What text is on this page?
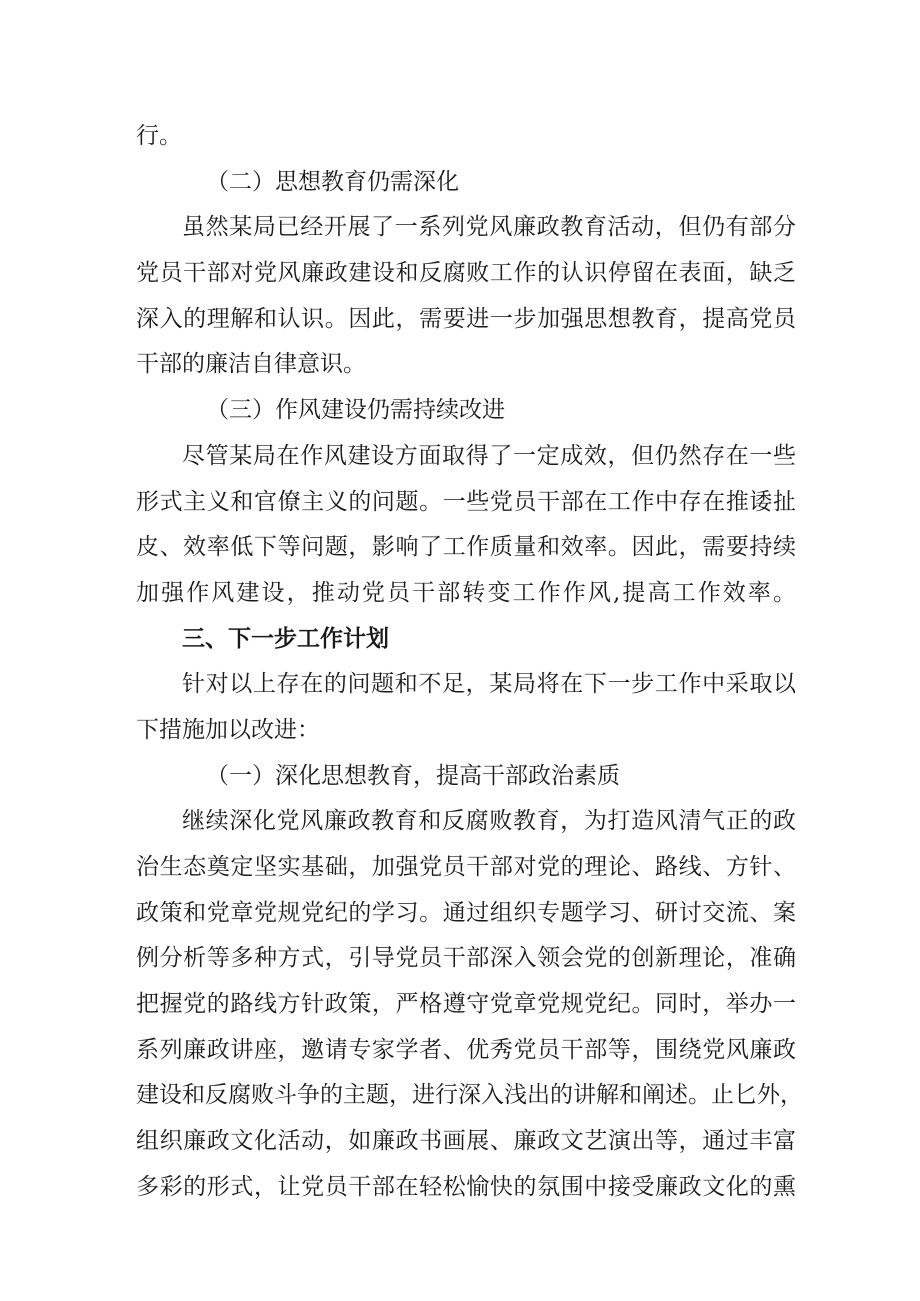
行。
（二）思想教育仍需深化
虽然某局已经开展了一系列党风廉政教育活动，但仍有部分
党员干部对党风廉政建设和反腐败工作的认识停留在表面，缺乏
深入的理解和认识。因此，需要进一步加强思想教育，提高党员
干部的廉洁自律意识。
（三）作风建设仍需持续改进
尽管某局在作风建设方面取得了一定成效，但仍然存在一些
形式主义和官僚主义的问题。一些党员干部在工作中存在推诿扯
皮、效率低下等问题，影响了工作质量和效率。因此，需要持续
加强作风建设，推动党员干部转变工作作风,提高工作效率。
三、下一步工作计划
针对以上存在的问题和不足，某局将在下一步工作中采取以
下措施加以改进：
（一）深化思想教育，提高干部政治素质
继续深化党风廉政教育和反腐败教育，为打造风清气正的政
治生态奠定坚实基础，加强党员干部对党的理论、路线、方针、
政策和党章党规党纪的学习。通过组织专题学习、研讨交流、案
例分析等多种方式，引导党员干部深入领会党的创新理论，准确
把握党的路线方针政策，严格遵守党章党规党纪。同时，举办一
系列廉政讲座，邀请专家学者、优秀党员干部等，围绕党风廉政
建设和反腐败斗争的主题，进行深入浅出的讲解和阐述。止匕外，
组织廉政文化活动，如廉政书画展、廉政文艺演出等，通过丰富
多彩的形式，让党员干部在轻松愉快的氛围中接受廉政文化的熏
